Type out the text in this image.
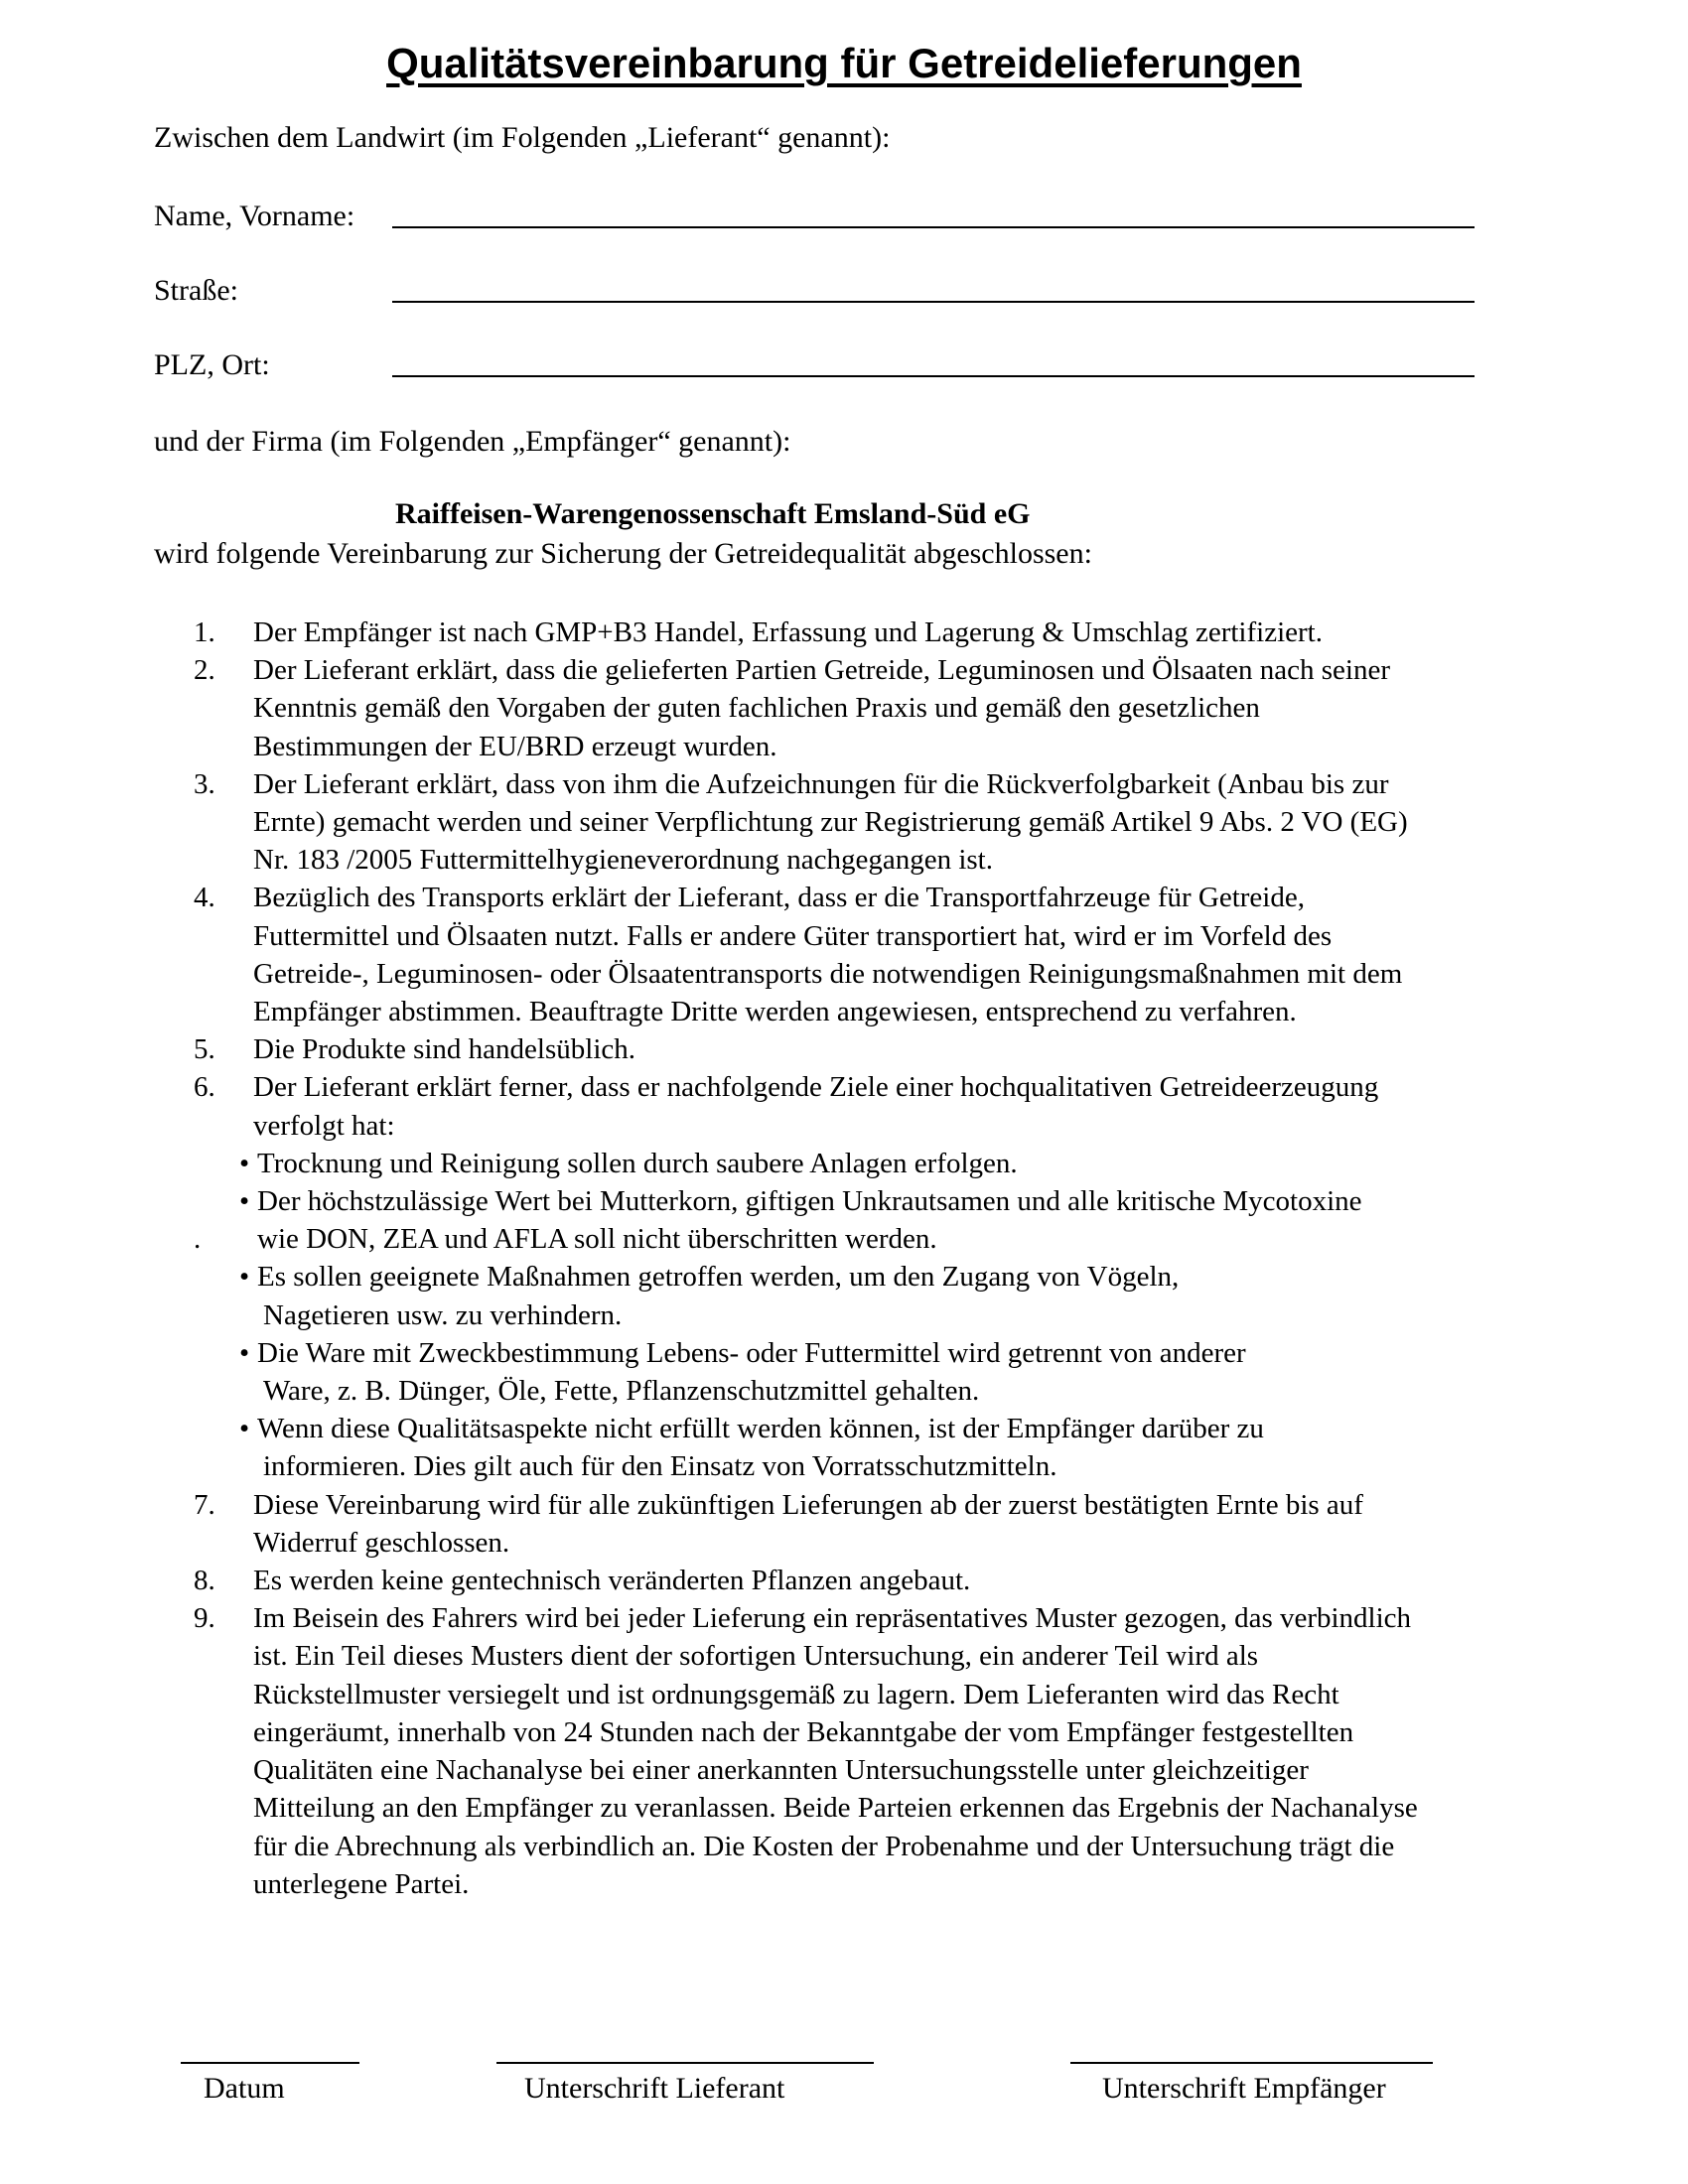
Qualitätsvereinbarung für Getreidelieferungen
Zwischen dem Landwirt (im Folgenden „Lieferant“ genannt):
Name, Vorname:
Straße:
PLZ, Ort:
und der Firma (im Folgenden „Empfänger“ genannt):
Raiffeisen-Warengenossenschaft Emsland-Süd eG
wird folgende Vereinbarung zur Sicherung der Getreidequalität abgeschlossen:
1. Der Empfänger ist nach GMP+B3 Handel, Erfassung und Lagerung & Umschlag zertifiziert.
2. Der Lieferant erklärt, dass die gelieferten Partien Getreide, Leguminosen und Ölsaaten nach seiner
Kenntnis gemäß den Vorgaben der guten fachlichen Praxis und gemäß den gesetzlichen
Bestimmungen der EU/BRD erzeugt wurden.
3. Der Lieferant erklärt, dass von ihm die Aufzeichnungen für die Rückverfolgbarkeit (Anbau bis zur
Ernte) gemacht werden und seiner Verpflichtung zur Registrierung gemäß Artikel 9 Abs. 2 VO (EG)
Nr. 183 /2005 Futtermittelhygieneverordnung nachgegangen ist.
4. Bezüglich des Transports erklärt der Lieferant, dass er die Transportfahrzeuge für Getreide,
Futtermittel und Ölsaaten nutzt. Falls er andere Güter transportiert hat, wird er im Vorfeld des
Getreide-, Leguminosen- oder Ölsaatentransports die notwendigen Reinigungsmaßnahmen mit dem
Empfänger abstimmen. Beauftragte Dritte werden angewiesen, entsprechend zu verfahren.
5. Die Produkte sind handelsüblich.
6. Der Lieferant erklärt ferner, dass er nachfolgende Ziele einer hochqualitativen Getreideerzeugung
verfolgt hat:
• Trocknung und Reinigung sollen durch saubere Anlagen erfolgen.
• Der höchstzulässige Wert bei Mutterkorn, giftigen Unkrautsamen und alle kritische Mycotoxine
. wie DON, ZEA und AFLA soll nicht überschritten werden.
• Es sollen geeignete Maßnahmen getroffen werden, um den Zugang von Vögeln,
Nagetieren usw. zu verhindern.
• Die Ware mit Zweckbestimmung Lebens- oder Futtermittel wird getrennt von anderer
Ware, z. B. Dünger, Öle, Fette, Pflanzenschutzmittel gehalten.
• Wenn diese Qualitätsaspekte nicht erfüllt werden können, ist der Empfänger darüber zu
informieren. Dies gilt auch für den Einsatz von Vorratsschutzmitteln.
7. Diese Vereinbarung wird für alle zukünftigen Lieferungen ab der zuerst bestätigten Ernte bis auf
Widerruf geschlossen.
8. Es werden keine gentechnisch veränderten Pflanzen angebaut.
9. Im Beisein des Fahrers wird bei jeder Lieferung ein repräsentatives Muster gezogen, das verbindlich
ist. Ein Teil dieses Musters dient der sofortigen Untersuchung, ein anderer Teil wird als
Rückstellmuster versiegelt und ist ordnungsgemäß zu lagern. Dem Lieferanten wird das Recht
eingeräumt, innerhalb von 24 Stunden nach der Bekanntgabe der vom Empfänger festgestellten
Qualitäten eine Nachanalyse bei einer anerkannten Untersuchungsstelle unter gleichzeitiger
Mitteilung an den Empfänger zu veranlassen. Beide Parteien erkennen das Ergebnis der Nachanalyse
für die Abrechnung als verbindlich an. Die Kosten der Probenahme und der Untersuchung trägt die
unterlegene Partei.
Datum	Unterschrift Lieferant	Unterschrift Empfänger
